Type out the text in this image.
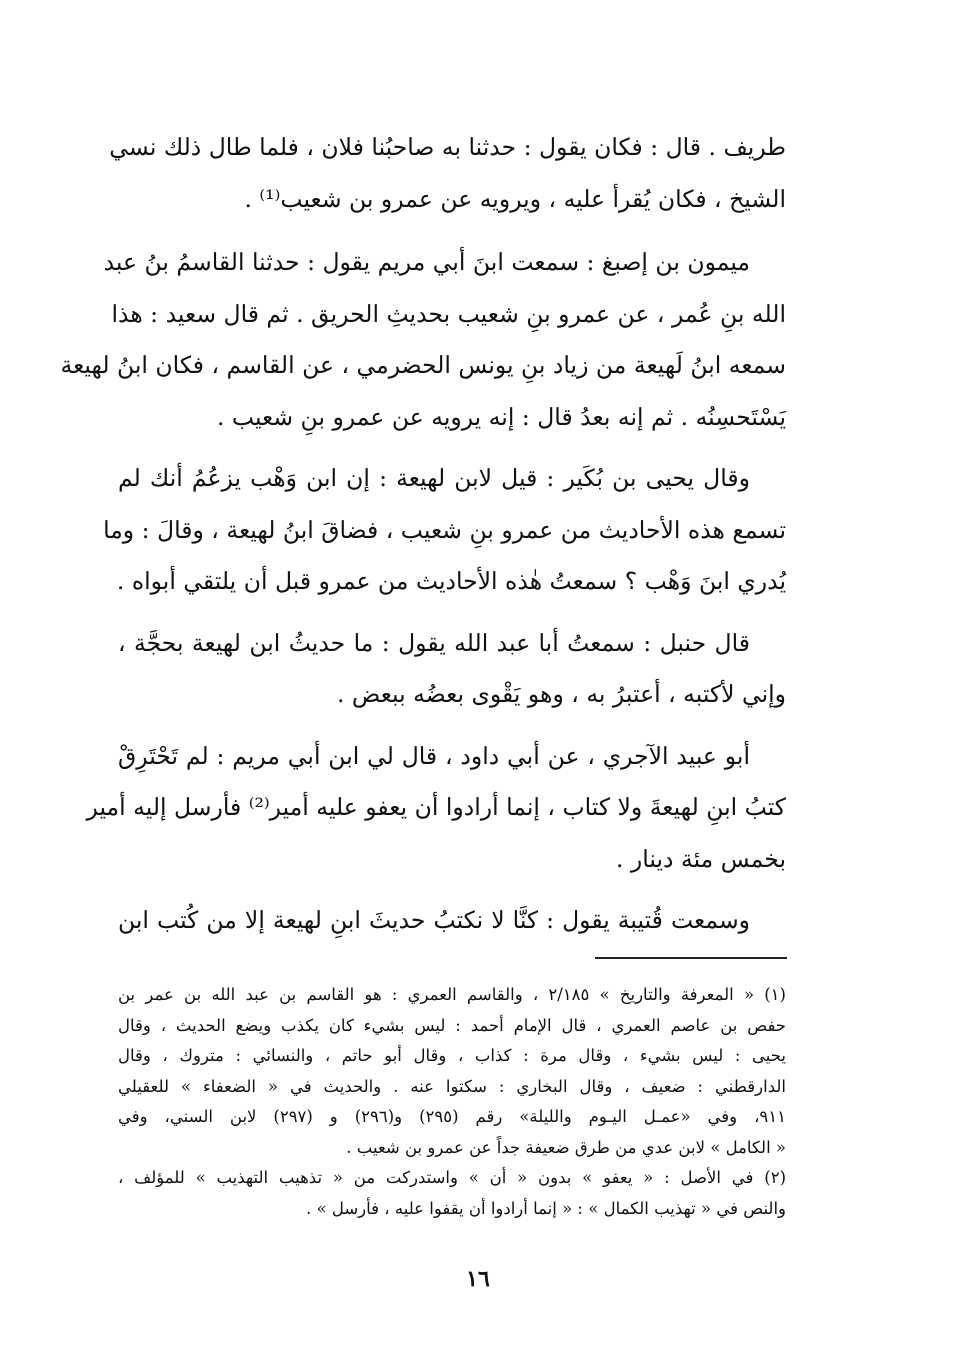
طريف . قال : فكان يقول : حدثنا به صاحبُنا فلان ، فلما طال ذلك نسي
الشيخ ، فكان يُقرأ عليه ، ويرويه عن عمرو بن شعيب⁽¹⁾ .

ميمون بن إصبغ : سمعت ابنَ أبي مريم يقول : حدثنا القاسمُ بنُ عبد
الله بنِ عُمر ، عن عمرو بنِ شعيب بحديثِ الحريق . ثم قال سعيد : هذا
سمعه ابنُ لَهيعة من زياد بنِ يونس الحضرمي ، عن القاسم ، فكان ابنُ لهيعة
يَسْتَحسِنُه . ثم إنه بعدُ قال : إنه يرويه عن عمرو بنِ شعيب .

وقال يحيى بن بُكَير : قيل لابن لهيعة : إن ابن وَهْب يزعُمُ أنك لم
تسمع هذه الأحاديث من عمرو بنِ شعيب ، فضاقَ ابنُ لهيعة ، وقالَ : وما
يُدري ابنَ وَهْب ؟ سمعتُ هٰذه الأحاديث من عمرو قبل أن يلتقي أبواه .

قال حنبل : سمعتُ أبا عبد الله يقول : ما حديثُ ابن لهيعة بحجَّة ،
وإني لأكتبه ، أعتبرُ به ، وهو يَقْوى بعضُه ببعض .

أبو عبيد الآجري ، عن أبي داود ، قال لي ابن أبي مريم : لم تَحْتَرِقْ
كتبُ ابنِ لهيعةَ ولا كتاب ، إنما أرادوا أن يعفو عليه أمير⁽²⁾ فأرسل إليه أمير
بخمس مئة دينار .

وسمعت قُتيبة يقول : كنَّا لا نكتبُ حديثَ ابنِ لهيعة إلا من كُتب ابن

(١) « المعرفة والتاريخ » ٢/١٨٥ ، والقاسم العمري : هو القاسم بن عبد الله بن عمر بن
حفص بن عاصم العمري ، قال الإمام أحمد : ليس بشيء كان يكذب ويضع الحديث ، وقال
يحيى : ليس بشيء ، وقال مرة : كذاب ، وقال أبو حاتم ، والنسائي : متروك ، وقال
الدارقطني : ضعيف ، وقال البخاري : سكتوا عنه . والحديث في « الضعفاء » للعقيلي
٩١١، وفي «عمـل اليـوم والليلة» رقم (٢٩٥) و(٢٩٦) و (٢٩٧) لابن السني، وفي
« الكامل » لابن عدي من طرق ضعيفة جداً عن عمرو بن شعيب .

(٢) في الأصل : « يعفو » بدون « أن » واستدركت من « تذهيب التهذيب » للمؤلف ،
والنص في « تهذيب الكمال » : « إنما أرادوا أن يقفوا عليه ، فأرسل » .

١٦
